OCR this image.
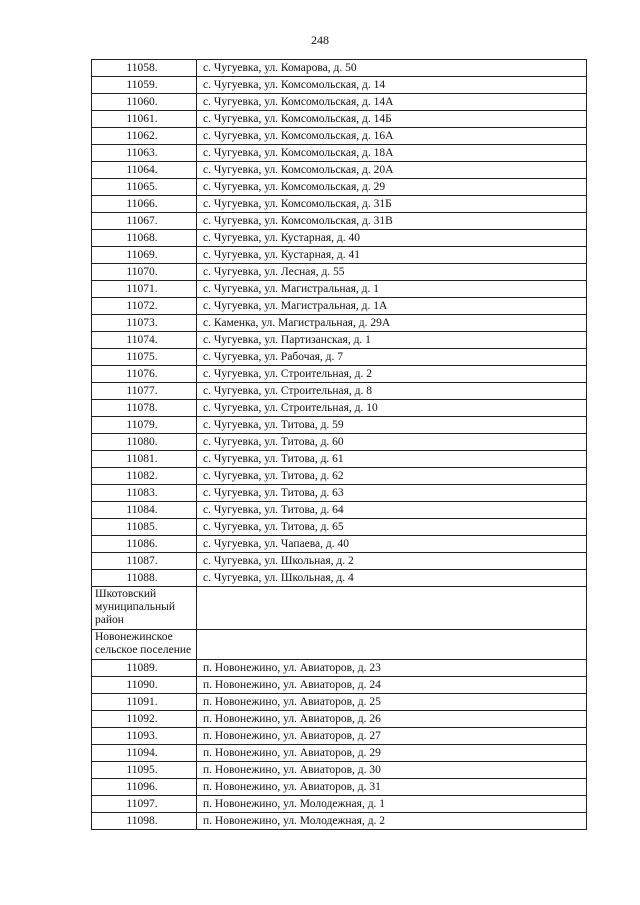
248
11058.	с. Чугуевка, ул. Комарова, д. 50
11059.	с. Чугуевка, ул. Комсомольская, д. 14
11060.	с. Чугуевка, ул. Комсомольская, д. 14А
11061.	с. Чугуевка, ул. Комсомольская, д. 14Б
11062.	с. Чугуевка, ул. Комсомольская, д. 16А
11063.	с. Чугуевка, ул. Комсомольская, д. 18А
11064.	с. Чугуевка, ул. Комсомольская, д. 20А
11065.	с. Чугуевка, ул. Комсомольская, д. 29
11066.	с. Чугуевка, ул. Комсомольская, д. 31Б
11067.	с. Чугуевка, ул. Комсомольская, д. 31В
11068.	с. Чугуевка, ул. Кустарная, д. 40
11069.	с. Чугуевка, ул. Кустарная, д. 41
11070.	с. Чугуевка, ул. Лесная, д. 55
11071.	с. Чугуевка, ул. Магистральная, д. 1
11072.	с. Чугуевка, ул. Магистральная, д. 1А
11073.	с. Каменка, ул. Магистральная, д. 29А
11074.	с. Чугуевка, ул. Партизанская, д. 1
11075.	с. Чугуевка, ул. Рабочая, д. 7
11076.	с. Чугуевка, ул. Строительная, д. 2
11077.	с. Чугуевка, ул. Строительная, д. 8
11078.	с. Чугуевка, ул. Строительная, д. 10
11079.	с. Чугуевка, ул. Титова, д. 59
11080.	с. Чугуевка, ул. Титова, д. 60
11081.	с. Чугуевка, ул. Титова, д. 61
11082.	с. Чугуевка, ул. Титова, д. 62
11083.	с. Чугуевка, ул. Титова, д. 63
11084.	с. Чугуевка, ул. Титова, д. 64
11085.	с. Чугуевка, ул. Титова, д. 65
11086.	с. Чугуевка, ул. Чапаева, д. 40
11087.	с. Чугуевка, ул. Школьная, д. 2
11088.	с. Чугуевка, ул. Школьная, д. 4
Шкотовский муниципальный район	
Новонежинское сельское поселение	
11089.	п. Новонежино, ул. Авиаторов, д. 23
11090.	п. Новонежино, ул. Авиаторов, д. 24
11091.	п. Новонежино, ул. Авиаторов, д. 25
11092.	п. Новонежино, ул. Авиаторов, д. 26
11093.	п. Новонежино, ул. Авиаторов, д. 27
11094.	п. Новонежино, ул. Авиаторов, д. 29
11095.	п. Новонежино, ул. Авиаторов, д. 30
11096.	п. Новонежино, ул. Авиаторов, д. 31
11097.	п. Новонежино, ул. Молодежная, д. 1
11098.	п. Новонежино, ул. Молодежная, д. 2
